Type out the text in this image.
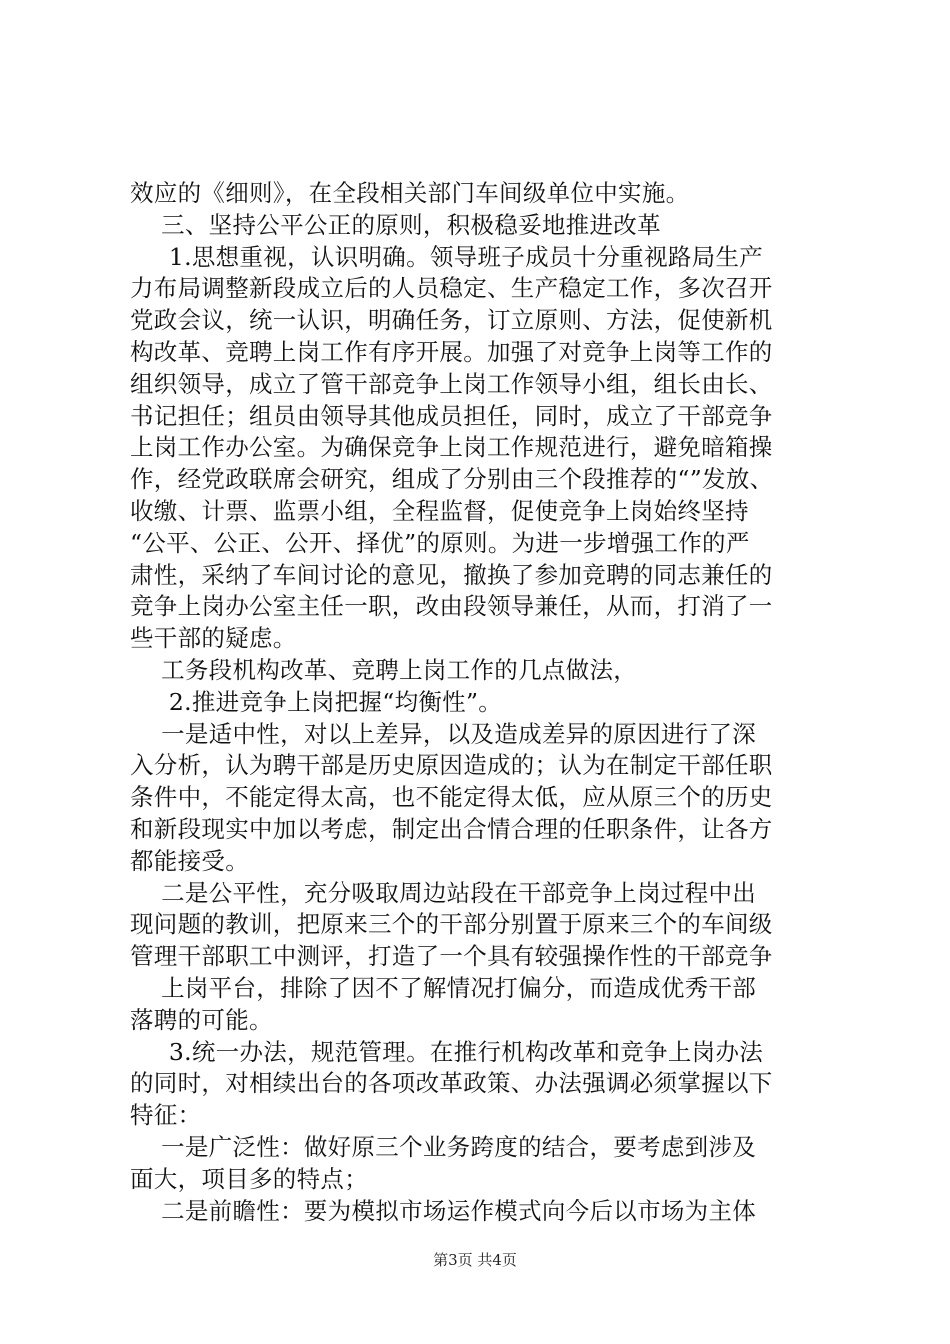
效应的《细则》，在全段相关部门车间级单位中实施。
三、坚持公平公正的原则，积极稳妥地推进改革
1.思想重视，认识明确。领导班子成员十分重视路局生产
力布局调整新段成立后的人员稳定、生产稳定工作，多次召开
党政会议，统一认识，明确任务，订立原则、方法，促使新机
构改革、竞聘上岗工作有序开展。加强了对竞争上岗等工作的
组织领导，成立了管干部竞争上岗工作领导小组，组长由长、
书记担任；组员由领导其他成员担任，同时，成立了干部竞争
上岗工作办公室。为确保竞争上岗工作规范进行，避免暗箱操
作，经党政联席会研究，组成了分别由三个段推荐的“”发放、
收缴、计票、监票小组，全程监督，促使竞争上岗始终坚持
“公平、公正、公开、择优”的原则。为进一步增强工作的严
肃性，采纳了车间讨论的意见，撤换了参加竞聘的同志兼任的
竞争上岗办公室主任一职，改由段领导兼任，从而，打消了一
些干部的疑虑。
工务段机构改革、竞聘上岗工作的几点做法，
2.推进竞争上岗把握“均衡性”。
一是适中性，对以上差异，以及造成差异的原因进行了深
入分析，认为聘干部是历史原因造成的；认为在制定干部任职
条件中，不能定得太高，也不能定得太低，应从原三个的历史
和新段现实中加以考虑，制定出合情合理的任职条件，让各方
都能接受。
二是公平性，充分吸取周边站段在干部竞争上岗过程中出
现问题的教训，把原来三个的干部分别置于原来三个的车间级
管理干部职工中测评，打造了一个具有较强操作性的干部竞争
上岗平台，排除了因不了解情况打偏分，而造成优秀干部
落聘的可能。
3.统一办法，规范管理。在推行机构改革和竞争上岗办法
的同时，对相续出台的各项改革政策、办法强调必须掌握以下
特征：
一是广泛性：做好原三个业务跨度的结合，要考虑到涉及
面大，项目多的特点；
二是前瞻性：要为模拟市场运作模式向今后以市场为主体
第3页 共4页
